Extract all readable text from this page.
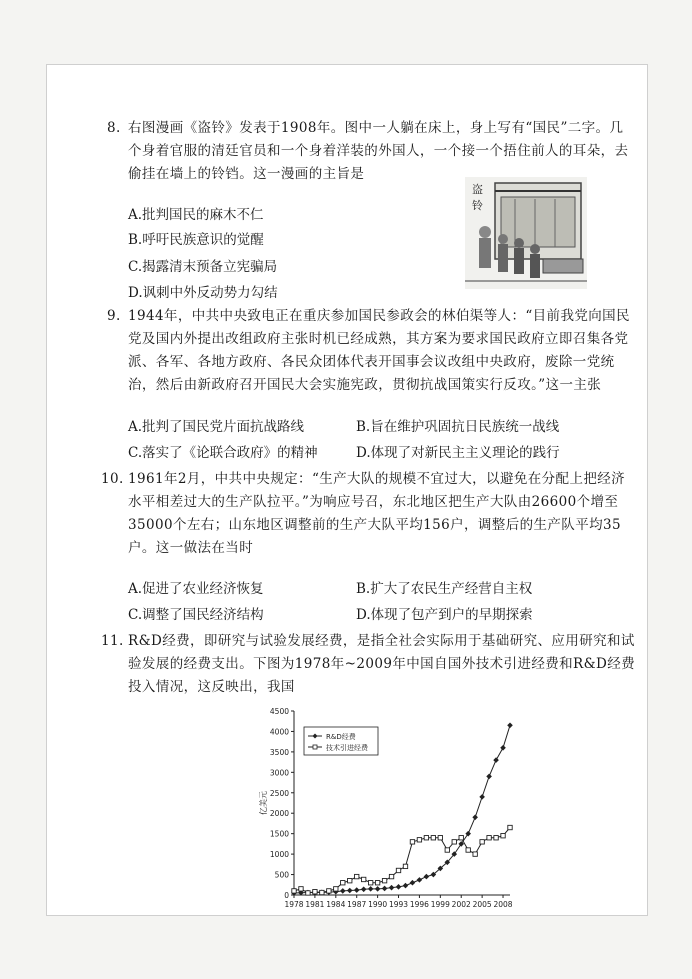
8. 右图漫画《盗铃》发表于1908年。图中一人躺在床上，身上写有“国民”二字。几
个身着官服的清廷官员和一个身着洋装的外国人，一个接一个捂住前人的耳朵，去
偷挂在墙上的铃铛。这一漫画的主旨是
A.批判国民的麻木不仁
B.呼吁民族意识的觉醒
C.揭露清末预备立宪骗局
D.讽刺中外反动势力勾结
盗
铃
9. 1944年，中共中央致电正在重庆参加国民参政会的林伯渠等人：“目前我党向国民
党及国内外提出改组政府主张时机已经成熟，其方案为要求国民政府立即召集各党
派、各军、各地方政府、各民众团体代表开国事会议改组中央政府，废除一党统
治，然后由新政府召开国民大会实施宪政，贯彻抗战国策实行反攻。”这一主张
A.批判了国民党片面抗战路线	B.旨在维护巩固抗日民族统一战线
C.落实了《论联合政府》的精神	D.体现了对新民主主义理论的践行
10. 1961年2月，中共中央规定：“生产大队的规模不宜过大，以避免在分配上把经济
水平相差过大的生产队拉平。”为响应号召，东北地区把生产大队由26600个增至
35000个左右；山东地区调整前的生产大队平均156户，调整后的生产队平均35
户。这一做法在当时
A.促进了农业经济恢复	B.扩大了农民生产经营自主权
C.调整了国民经济结构	D.体现了包产到户的早期探索
11. R&D经费，即研究与试验发展经费，是指全社会实际用于基础研究、应用研究和试
验发展的经费支出。下图为1978年~2009年中国自国外技术引进经费和R&D经费
投入情况，这反映出，我国
0
500
1000
1500
2000
2500
3000
3500
4000
4500
1978 1981 1984 1987 1990 1993 1996 1999 2002 2005 2008
亿美元
R&D经费
技术引进经费
